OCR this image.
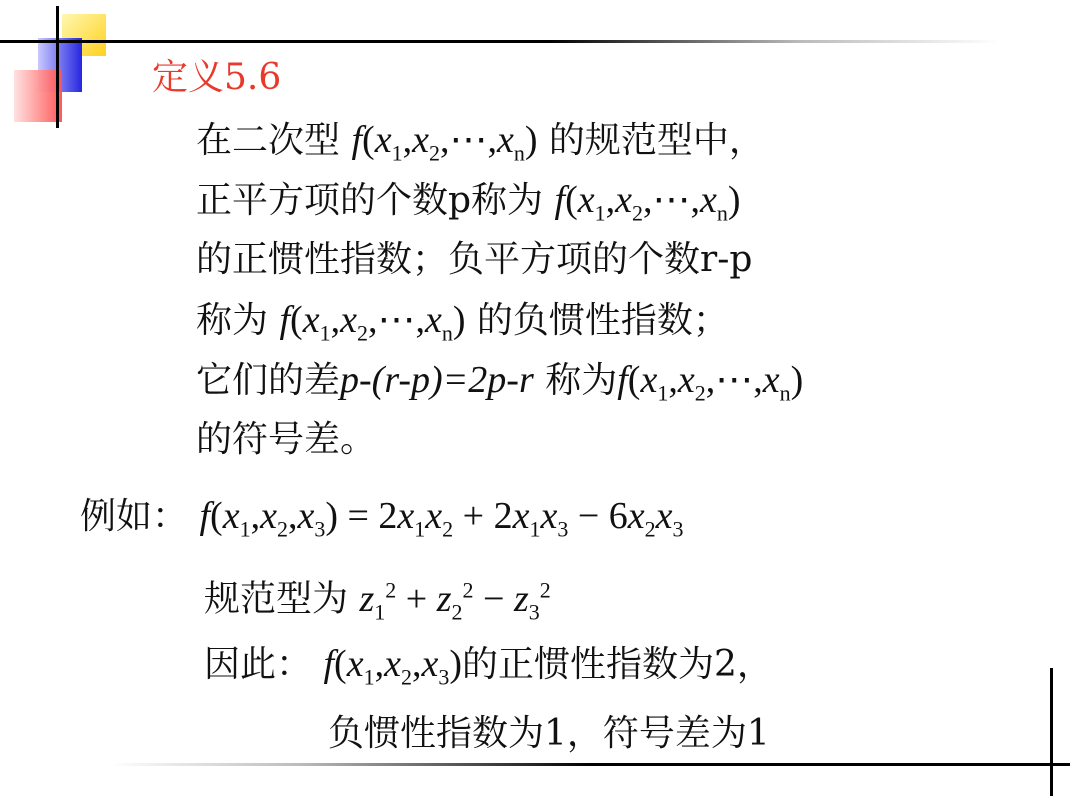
定义5.6
在二次型 $f(x_1,x_2,\cdots,x_n)$ 的规范型中，
正平方项的个数p称为 $f(x_1,x_2,\cdots,x_n)$
的正惯性指数；负平方项的个数r-p
称为 $f(x_1,x_2,\cdots,x_n)$ 的负惯性指数；
它们的差p-(r-p)=2p-r 称为$f(x_1,x_2,\cdots,x_n)$
的符号差。
例如： $f(x_1,x_2,x_3) = 2x_1x_2 + 2x_1x_3 - 6x_2x_3$
规范型为 $z_1^2 + z_2^2 - z_3^2$
因此： $f(x_1,x_2,x_3)$的正惯性指数为2，
负惯性指数为1，符号差为1
